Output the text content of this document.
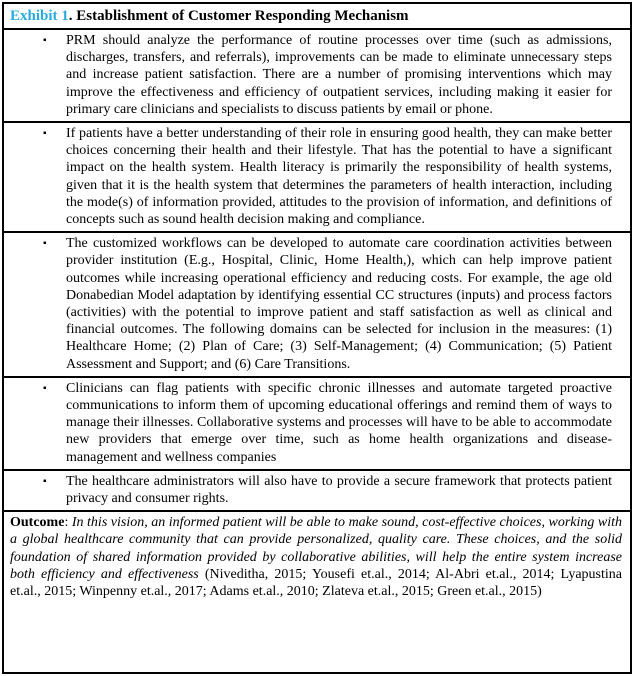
Exhibit 1. Establishment of Customer Responding Mechanism
▪	PRM should analyze the performance of routine processes over time (such as admissions, discharges, transfers, and referrals), improvements can be made to eliminate unnecessary steps and increase patient satisfaction. There are a number of promising interventions which may improve the effectiveness and efficiency of outpatient services, including making it easier for primary care clinicians and specialists to discuss patients by email or phone.
▪	If patients have a better understanding of their role in ensuring good health, they can make better choices concerning their health and their lifestyle. That has the potential to have a significant impact on the health system. Health literacy is primarily the responsibility of health systems, given that it is the health system that determines the parameters of health interaction, including the mode(s) of information provided, attitudes to the provision of information, and definitions of concepts such as sound health decision making and compliance.
▪	The customized workflows can be developed to automate care coordination activities between provider institution (E.g., Hospital, Clinic, Home Health,), which can help improve patient outcomes while increasing operational efficiency and reducing costs. For example, the age old Donabedian Model adaptation by identifying essential CC structures (inputs) and process factors (activities) with the potential to improve patient and staff satisfaction as well as clinical and financial outcomes. The following domains can be selected for inclusion in the measures: (1) Healthcare Home; (2) Plan of Care; (3) Self-Management; (4) Communication; (5) Patient Assessment and Support; and (6) Care Transitions.
▪	Clinicians can flag patients with specific chronic illnesses and automate targeted proactive communications to inform them of upcoming educational offerings and remind them of ways to manage their illnesses. Collaborative systems and processes will have to be able to accommodate new providers that emerge over time, such as home health organizations and disease-management and wellness companies
▪	The healthcare administrators will also have to provide a secure framework that protects patient privacy and consumer rights.
Outcome: In this vision, an informed patient will be able to make sound, cost-effective choices, working with a global healthcare community that can provide personalized, quality care. These choices, and the solid foundation of shared information provided by collaborative abilities, will help the entire system increase both efficiency and effectiveness (Niveditha, 2015; Yousefi et.al., 2014; Al-Abri et.al., 2014; Lyapustina et.al., 2015; Winpenny et.al., 2017; Adams et.al., 2010; Zlateva et.al., 2015; Green et.al., 2015)
